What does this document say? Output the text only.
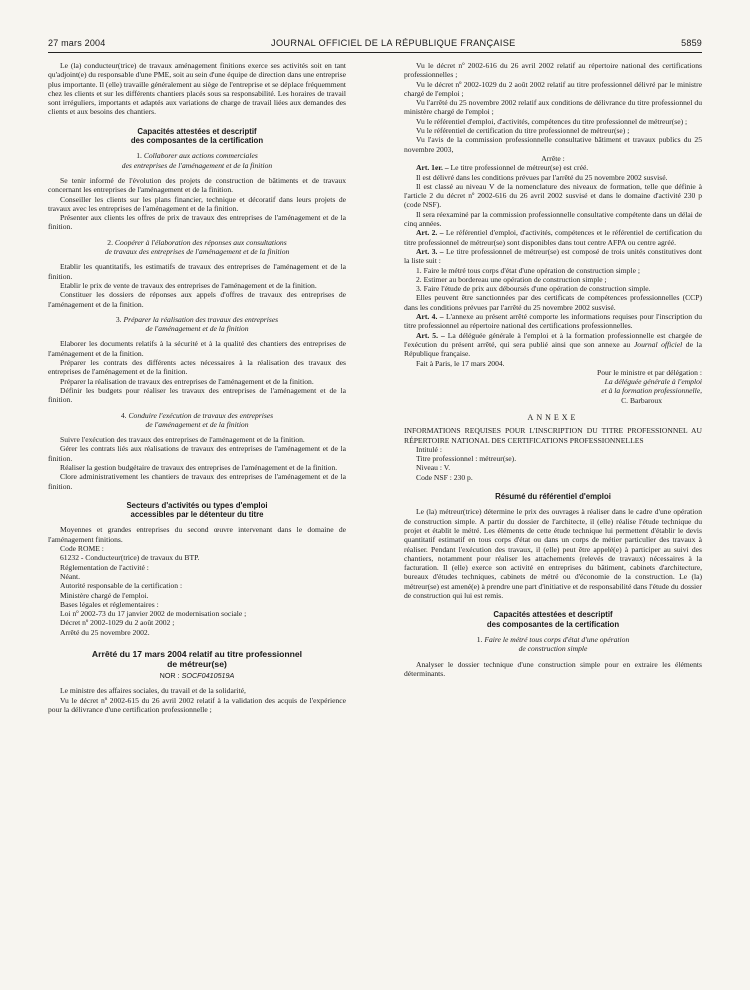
27 mars 2004	JOURNAL OFFICIEL DE LA RÉPUBLIQUE FRANÇAISE	5859

Le (la) conducteur(trice) de travaux aménagement finitions exerce ses activités soit en tant qu'adjoint(e) du responsable d'une PME, soit au sein d'une équipe de direction dans une entreprise plus importante. Il (elle) travaille généralement au siège de l'entreprise et se déplace fréquemment chez les clients et sur les différents chantiers placés sous sa responsabilité. Les horaires de travail sont irréguliers, importants et adaptés aux variations de charge de travail liées aux demandes des clients et aux besoins des chantiers.

Capacités attestées et descriptif
des composantes de la certification
1. Collaborer aux actions commerciales
des entreprises de l'aménagement et de la finition

Se tenir informé de l'évolution des projets de construction de bâtiments et de travaux concernant les entreprises de l'aménagement et de la finition.

Conseiller les clients sur les plans financier, technique et décoratif dans leurs projets de travaux avec les entreprises de l'aménagement et de la finition.

Présenter aux clients les offres de prix de travaux des entreprises de l'aménagement et de la finition.

2. Coopérer à l'élaboration des réponses aux consultations
de travaux des entreprises de l'aménagement et de la finition

Etablir les quantitatifs, les estimatifs de travaux des entreprises de l'aménagement et de la finition.

Etablir le prix de vente de travaux des entreprises de l'aménagement et de la finition.

Constituer les dossiers de réponses aux appels d'offres de travaux des entreprises de l'aménagement et de la finition.

3. Préparer la réalisation des travaux des entreprises
de l'aménagement et de la finition

Elaborer les documents relatifs à la sécurité et à la qualité des chantiers des entreprises de l'aménagement et de la finition.

Préparer les contrats des différents actes nécessaires à la réalisation des travaux des entreprises de l'aménagement et de la finition.

Préparer la réalisation de travaux des entreprises de l'aménagement et de la finition.

Définir les budgets pour réaliser les travaux des entreprises de l'aménagement et de la finition.

4. Conduire l'exécution de travaux des entreprises
de l'aménagement et de la finition

Suivre l'exécution des travaux des entreprises de l'aménagement et de la finition.

Gérer les contrats liés aux réalisations de travaux des entreprises de l'aménagement et de la finition.

Réaliser la gestion budgétaire de travaux des entreprises de l'aménagement et de la finition.

Clore administrativement les chantiers de travaux des entreprises de l'aménagement et de la finition.

Secteurs d'activités ou types d'emploi
accessibles par le détenteur du titre

Moyennes et grandes entreprises du second œuvre intervenant dans le domaine de l'aménagement finitions.

Code ROME :

61232 - Conducteur(trice) de travaux du BTP.

Réglementation de l'activité :

Néant.

Autorité responsable de la certification :

Ministère chargé de l'emploi.

Bases légales et réglementaires :

Loi nº 2002-73 du 17 janvier 2002 de modernisation sociale ;

Décret nº 2002-1029 du 2 août 2002 ;

Arrêté du 25 novembre 2002.

Arrêté du 17 mars 2004 relatif au titre professionnel
de métreur(se)
NOR : SOCF0410519A

Le ministre des affaires sociales, du travail et de la solidarité,

Vu le décret nº 2002-615 du 26 avril 2002 relatif à la validation des acquis de l'expérience pour la délivrance d'une certification professionnelle ;

Vu le décret nº 2002-616 du 26 avril 2002 relatif au répertoire national des certifications professionnelles ;

Vu le décret nº 2002-1029 du 2 août 2002 relatif au titre professionnel délivré par le ministre chargé de l'emploi ;

Vu l'arrêté du 25 novembre 2002 relatif aux conditions de délivrance du titre professionnel du ministère chargé de l'emploi ;

Vu le référentiel d'emploi, d'activités, compétences du titre professionnel de métreur(se) ;

Vu le référentiel de certification du titre professionnel de métreur(se) ;

Vu l'avis de la commission professionnelle consultative bâtiment et travaux publics du 25 novembre 2003,

Arrête :

Art. 1er. – Le titre professionnel de métreur(se) est créé.

Il est délivré dans les conditions prévues par l'arrêté du 25 novembre 2002 susvisé.

Il est classé au niveau V de la nomenclature des niveaux de formation, telle que définie à l'article 2 du décret nº 2002-616 du 26 avril 2002 susvisé et dans le domaine d'activité 230 p (code NSF).

Il sera réexaminé par la commission professionnelle consultative compétente dans un délai de cinq années.

Art. 2. – Le référentiel d'emploi, d'activités, compétences et le référentiel de certification du titre professionnel de métreur(se) sont disponibles dans tout centre AFPA ou centre agréé.

Art. 3. – Le titre professionnel de métreur(se) est composé de trois unités constitutives dont la liste suit :

1. Faire le métré tous corps d'état d'une opération de construction simple ;

2. Estimer au bordereau une opération de construction simple ;

3. Faire l'étude de prix aux déboursés d'une opération de construction simple.

Elles peuvent être sanctionnées par des certificats de compétences professionnelles (CCP) dans les conditions prévues par l'arrêté du 25 novembre 2002 susvisé.

Art. 4. – L'annexe au présent arrêté comporte les informations requises pour l'inscription du titre professionnel au répertoire national des certifications professionnelles.

Art. 5. – La déléguée générale à l'emploi et à la formation professionnelle est chargée de l'exécution du présent arrêté, qui sera publié ainsi que son annexe au Journal officiel de la République française.

Fait à Paris, le 17 mars 2004.

Pour le ministre et par délégation :

La déléguée générale à l'emploi

et à la formation professionnelle,

C. Barbaroux

ANNEXE

INFORMATIONS REQUISES POUR L'INSCRIPTION DU TITRE PROFESSIONNEL AU RÉPERTOIRE NATIONAL DES CERTIFICATIONS PROFESSIONNELLES

Intitulé :

Titre professionnel : métreur(se).

Niveau : V.

Code NSF : 230 p.

Résumé du référentiel d'emploi

Le (la) métreur(trice) détermine le prix des ouvrages à réaliser dans le cadre d'une opération de construction simple. A partir du dossier de l'architecte, il (elle) réalise l'étude technique du projet et établit le métré. Les éléments de cette étude technique lui permettent d'établir le devis quantitatif estimatif en tous corps d'état ou dans un corps de métier particulier des travaux à réaliser. Pendant l'exécution des travaux, il (elle) peut être appelé(e) à participer au suivi des chantiers, notamment pour réaliser les attachements (relevés de travaux) nécessaires à la facturation. Il (elle) exerce son activité en entreprises du bâtiment, cabinets d'architecture, bureaux d'études techniques, cabinets de métré ou d'économie de la construction. Le (la) métreur(se) est amené(e) à prendre une part d'initiative et de responsabilité dans l'étude du dossier de construction qui lui est remis.

Capacités attestées et descriptif
des composantes de la certification
1. Faire le métré tous corps d'état d'une opération
de construction simple

Analyser le dossier technique d'une construction simple pour en extraire les éléments déterminants.
